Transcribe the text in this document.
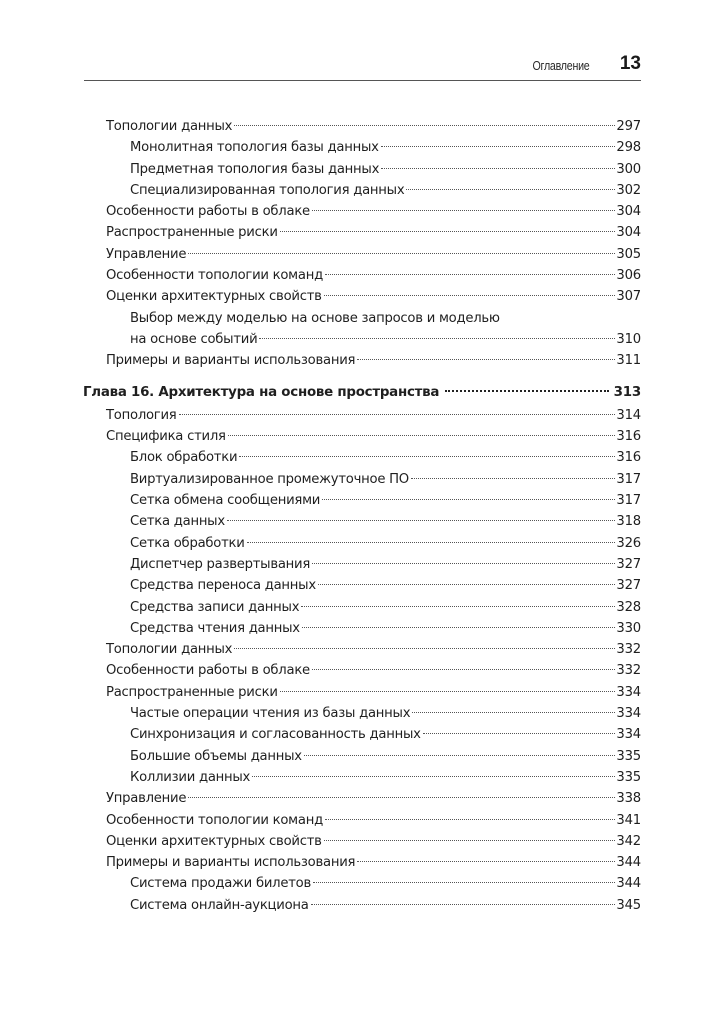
Оглавление 13
Топологии данных	297
Монолитная топология базы данных	298
Предметная топология базы данных	300
Специализированная топология данных	302
Особенности работы в облаке	304
Распространенные риски	304
Управление	305
Особенности топологии команд	306
Оценки архитектурных свойств	307
Выбор между моделью на основе запросов и моделью
на основе событий	310
Примеры и варианты использования	311
Глава 16. Архитектура на основе пространства	313
Топология	314
Специфика стиля	316
Блок обработки	316
Виртуализированное промежуточное ПО	317
Сетка обмена сообщениями	317
Сетка данных	318
Сетка обработки	326
Диспетчер развертывания	327
Средства переноса данных	327
Средства записи данных	328
Средства чтения данных	330
Топологии данных	332
Особенности работы в облаке	332
Распространенные риски	334
Частые операции чтения из базы данных	334
Синхронизация и согласованность данных	334
Большие объемы данных	335
Коллизии данных	335
Управление	338
Особенности топологии команд	341
Оценки архитектурных свойств	342
Примеры и варианты использования	344
Система продажи билетов	344
Система онлайн-аукциона	345
